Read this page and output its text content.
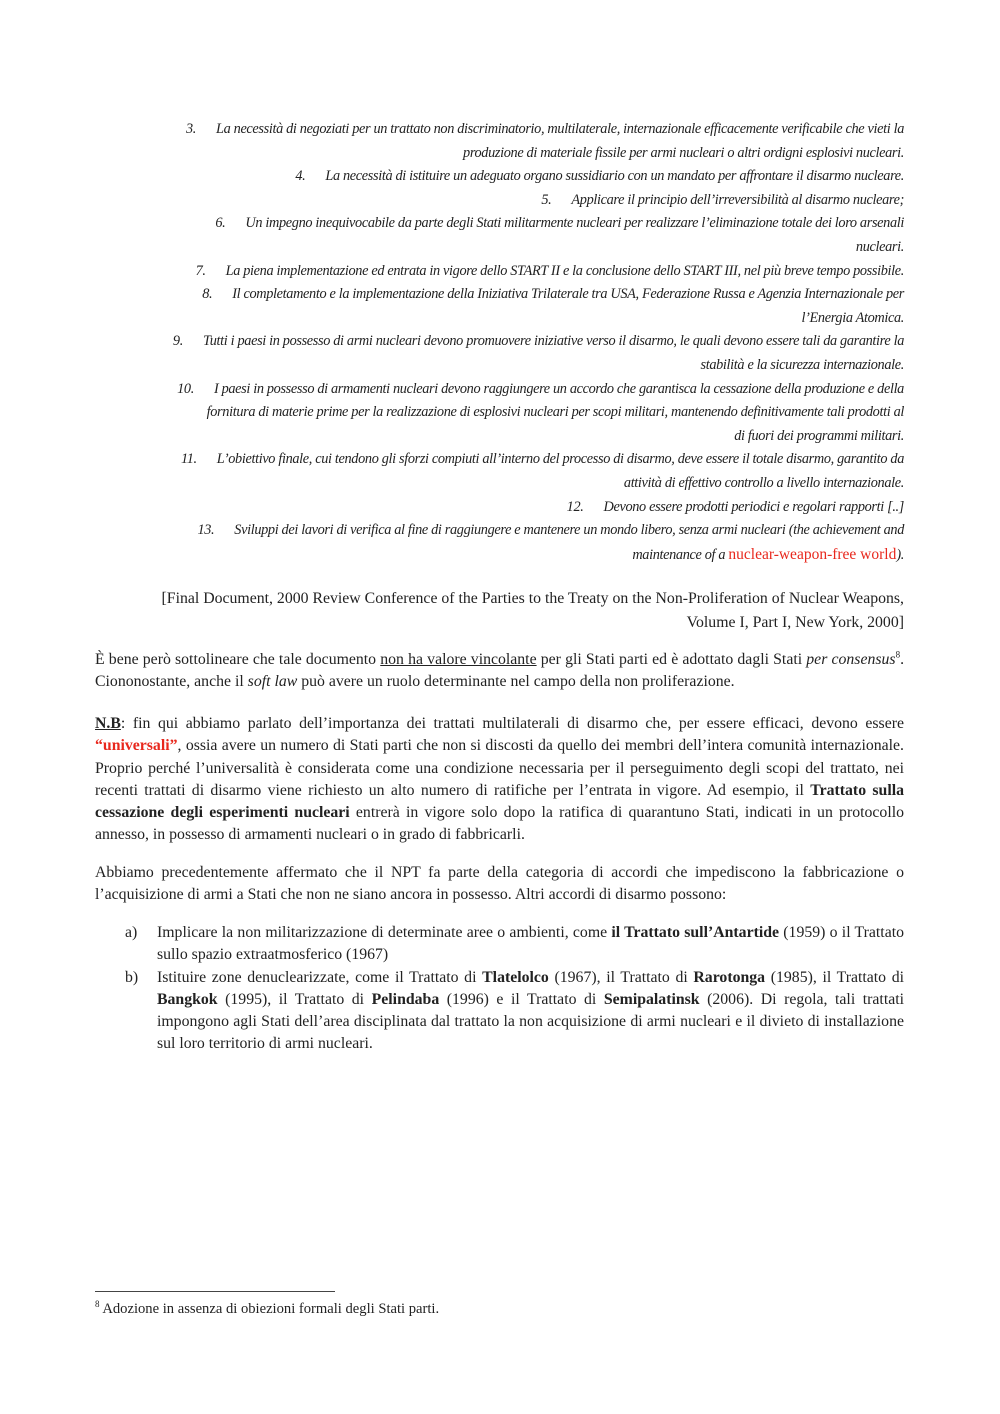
3. La necessità di negoziati per un trattato non discriminatorio, multilaterale, internazionale efficacemente verificabile che vieti la
produzione di materiale fissile per armi nucleari o altri ordigni esplosivi nucleari.
4. La necessità di istituire un adeguato organo sussidiario con un mandato per affrontare il disarmo nucleare.
5. Applicare il principio dell’irreversibilità al disarmo nucleare;
6. Un impegno inequivocabile da parte degli Stati militarmente nucleari per realizzare l’eliminazione totale dei loro arsenali
nucleari.
7. La piena implementazione ed entrata in vigore dello START II e la conclusione dello START III, nel più breve tempo possibile.
8. Il completamento e la implementazione della Iniziativa Trilaterale tra USA, Federazione Russa e Agenzia Internazionale per
l’Energia Atomica.
9. Tutti i paesi in possesso di armi nucleari devono promuovere iniziative verso il disarmo, le quali devono essere tali da garantire la
stabilità e la sicurezza internazionale.
10. I paesi in possesso di armamenti nucleari devono raggiungere un accordo che garantisca la cessazione della produzione e della
fornitura di materie prime per la realizzazione di esplosivi nucleari per scopi militari, mantenendo definitivamente tali prodotti al
di fuori dei programmi militari.
11. L’obiettivo finale, cui tendono gli sforzi compiuti all’interno del processo di disarmo, deve essere il totale disarmo, garantito da
attività di effettivo controllo a livello internazionale.
12. Devono essere prodotti periodici e regolari rapporti [..]
13. Sviluppi dei lavori di verifica al fine di raggiungere e mantenere un mondo libero, senza armi nucleari (the achievement and
maintenance of a nuclear-weapon-free world).
[Final Document, 2000 Review Conference of the Parties to the Treaty on the Non-Proliferation of Nuclear Weapons,
Volume I, Part I, New York, 2000]

È bene però sottolineare che tale documento non ha valore vincolante per gli Stati parti ed è adottato dagli Stati per consensus$^8$. Ciononostante, anche il soft law può avere un ruolo determinante nel campo della non proliferazione.

N.B: fin qui abbiamo parlato dell’importanza dei trattati multilaterali di disarmo che, per essere efficaci, devono essere “universali”, ossia avere un numero di Stati parti che non si discosti da quello dei membri dell’intera comunità internazionale. Proprio perché l’universalità è considerata come una condizione necessaria per il perseguimento degli scopi del trattato, nei recenti trattati di disarmo viene richiesto un alto numero di ratifiche per l’entrata in vigore. Ad esempio, il Trattato sulla cessazione degli esperimenti nucleari entrerà in vigore solo dopo la ratifica di quarantuno Stati, indicati in un protocollo annesso, in possesso di armamenti nucleari o in grado di fabbricarli.

Abbiamo precedentemente affermato che il NPT fa parte della categoria di accordi che impediscono la fabbricazione o l’acquisizione di armi a Stati che non ne siano ancora in possesso. Altri accordi di disarmo possono:

a) Implicare la non militarizzazione di determinate aree o ambienti, come il Trattato sull’Antartide (1959) o il Trattato sullo spazio extraatmosferico (1967)
b) Istituire zone denuclearizzate, come il Trattato di Tlatelolco (1967), il Trattato di Rarotonga (1985), il Trattato di Bangkok (1995), il Trattato di Pelindaba (1996) e il Trattato di Semipalatinsk (2006). Di regola, tali trattati impongono agli Stati dell’area disciplinata dal trattato la non acquisizione di armi nucleari e il divieto di installazione sul loro territorio di armi nucleari.
$^8$ Adozione in assenza di obiezioni formali degli Stati parti.
